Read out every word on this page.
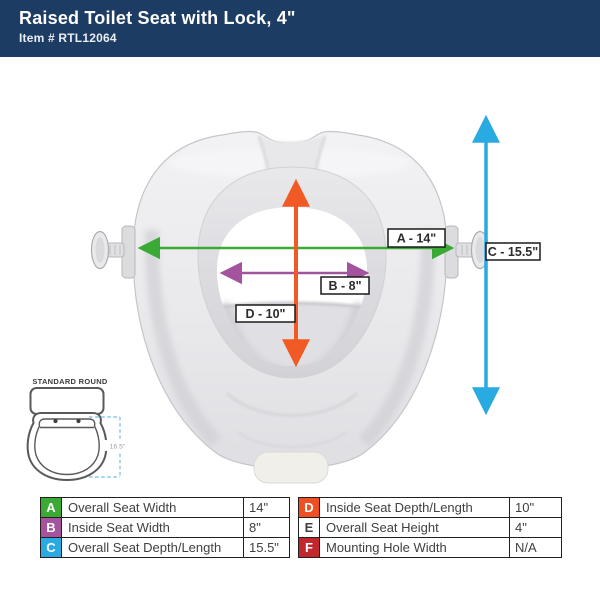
Raised Toilet Seat with Lock, 4"
Item # RTL12064
A - 14"
B - 8"
C - 15.5"
D - 10"
STANDARD ROUND
16.5"
A	Overall Seat Width	14"
B	Inside Seat Width	8"
C	Overall Seat Depth/Length	15.5"
D	Inside Seat Depth/Length	10"
E	Overall Seat Height	4"
F	Mounting Hole Width	N/A
